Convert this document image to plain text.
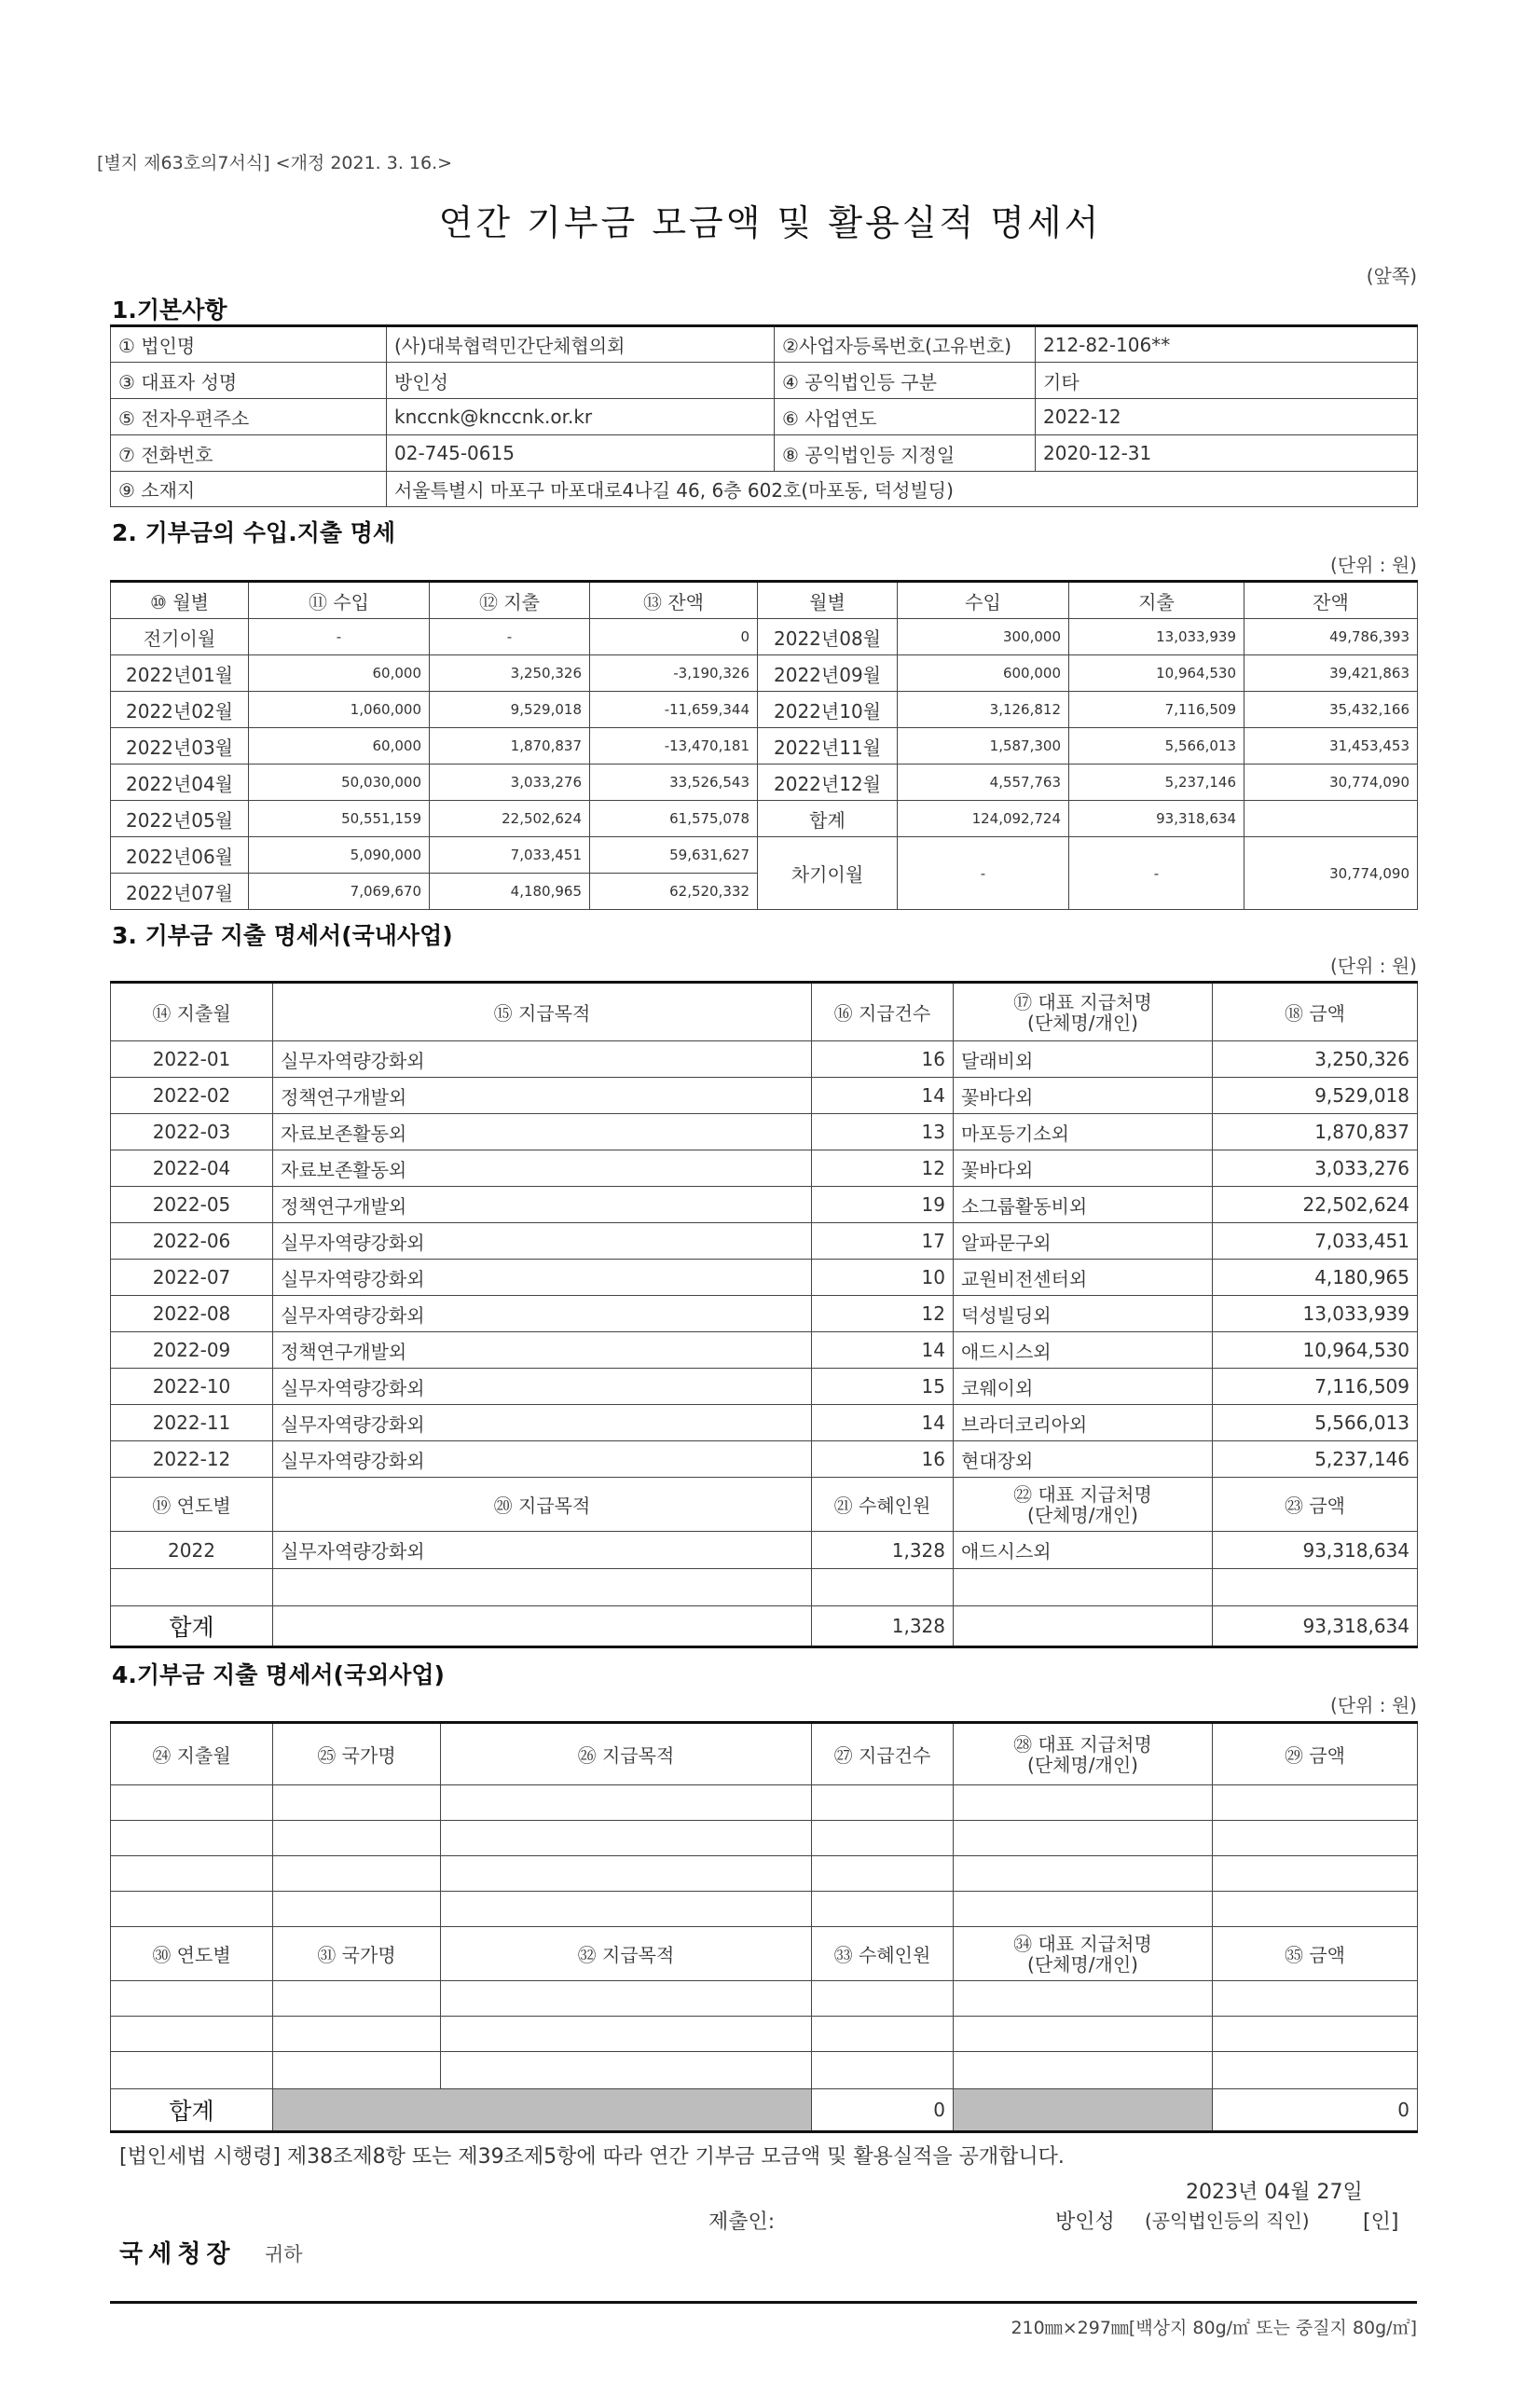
[별지 제63호의7서식] <개정 2021. 3. 16.>
연간 기부금 모금액 및 활용실적 명세서
(앞쪽)
1.기본사항
① 법인명	(사)대북협력민간단체협의회	②사업자등록번호(고유번호)	212-82-106**
③ 대표자 성명	방인성	④ 공익법인등 구분	기타
⑤ 전자우편주소	knccnk@knccnk.or.kr	⑥ 사업연도	2022-12
⑦ 전화번호	02-745-0615	⑧ 공익법인등 지정일	2020-12-31
⑨ 소재지	서울특별시 마포구 마포대로4나길 46, 6층 602호(마포동, 덕성빌딩)		
2. 기부금의 수입.지출 명세
(단위 : 원)
⑩ 월별	⑪ 수입	⑫ 지출	⑬ 잔액	월별	수입	지출	잔액
전기이월	-	-	0	2022년08월	300,000	13,033,939	49,786,393
2022년01월	60,000	3,250,326	-3,190,326	2022년09월	600,000	10,964,530	39,421,863
2022년02월	1,060,000	9,529,018	-11,659,344	2022년10월	3,126,812	7,116,509	35,432,166
2022년03월	60,000	1,870,837	-13,470,181	2022년11월	1,587,300	5,566,013	31,453,453
2022년04월	50,030,000	3,033,276	33,526,543	2022년12월	4,557,763	5,237,146	30,774,090
2022년05월	50,551,159	22,502,624	61,575,078	합계	124,092,724	93,318,634	
2022년06월	5,090,000	7,033,451	59,631,627	차기이월	-	-	30,774,090
2022년07월	7,069,670	4,180,965	62,520,332				
3. 기부금 지출 명세서(국내사업)
(단위 : 원)
⑭ 지출월	⑮ 지급목적	⑯ 지급건수	⑰ 대표 지급처명
(단체명/개인)	⑱ 금액
2022-01	실무자역량강화외	16	달래비외	3,250,326
2022-02	정책연구개발외	14	꽃바다외	9,529,018
2022-03	자료보존활동외	13	마포등기소외	1,870,837
2022-04	자료보존활동외	12	꽃바다외	3,033,276
2022-05	정책연구개발외	19	소그룹활동비외	22,502,624
2022-06	실무자역량강화외	17	알파문구외	7,033,451
2022-07	실무자역량강화외	10	교원비전센터외	4,180,965
2022-08	실무자역량강화외	12	덕성빌딩외	13,033,939
2022-09	정책연구개발외	14	애드시스외	10,964,530
2022-10	실무자역량강화외	15	코웨이외	7,116,509
2022-11	실무자역량강화외	14	브라더코리아외	5,566,013
2022-12	실무자역량강화외	16	현대장외	5,237,146
⑲ 연도별	⑳ 지급목적	㉑ 수혜인원	㉒ 대표 지급처명
(단체명/개인)	㉓ 금액
2022	실무자역량강화외	1,328	애드시스외	93,318,634

합계		1,328		93,318,634
4.기부금 지출 명세서(국외사업)
(단위 : 원)
㉔ 지출월	㉕ 국가명	㉖ 지급목적	㉗ 지급건수	㉘ 대표 지급처명
(단체명/개인)	㉙ 금액

㉚ 연도별	㉛ 국가명	㉜ 지급목적	㉝ 수혜인원	㉞ 대표 지급처명
(단체명/개인)	㉟ 금액

합계			0		0
[법인세법 시행령] 제38조제8항 또는 제39조제5항에 따라 연간 기부금 모금액 및 활용실적을 공개합니다.
2023년 04월 27일
제출인:	방인성 (공익법인등의 직인)	[인]
국세청장 귀하
210㎜×297㎜[백상지 80g/㎡ 또는 중질지 80g/㎡]
